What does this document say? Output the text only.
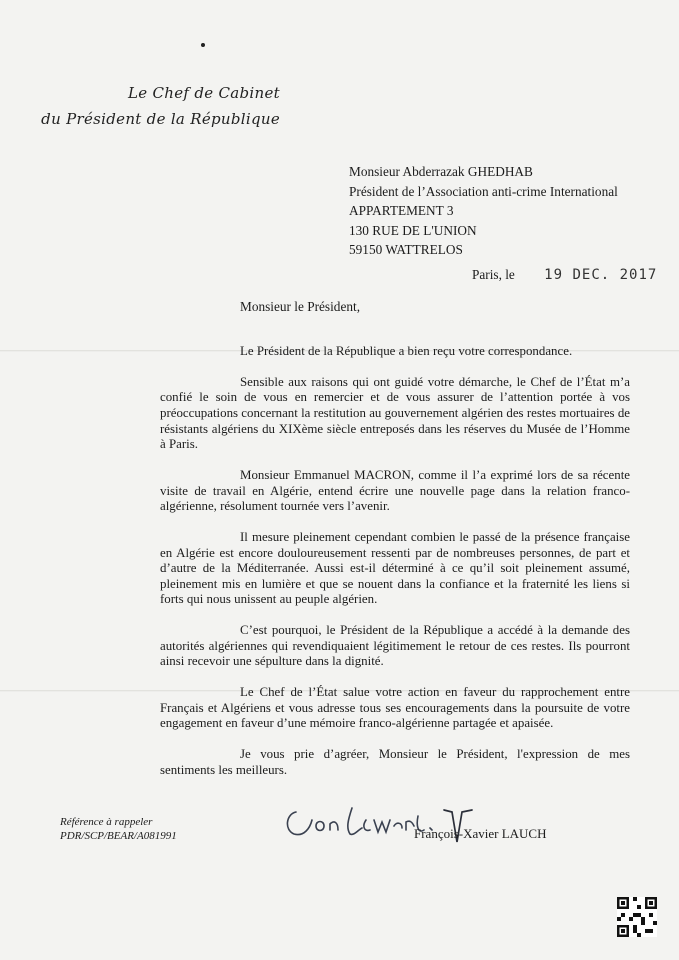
Le Chef de Cabinet
du Président de la République
Monsieur Abderrazak GHEDHAB
Président de l’Association anti-crime International
APPARTEMENT 3
130 RUE DE L'UNION
59150 WATTRELOS
Paris, le 19 DEC. 2017
Monsieur le Président,

Le Président de la République a bien reçu votre correspondance.

Sensible aux raisons qui ont guidé votre démarche, le Chef de l’État m’a confié le soin de vous en remercier et de vous assurer de l’attention portée à vos préoccupations concernant la restitution au gouvernement algérien des restes mortuaires de résistants algériens du XIXème siècle entreposés dans les réserves du Musée de l’Homme à Paris.

Monsieur Emmanuel MACRON, comme il l’a exprimé lors de sa récente visite de travail en Algérie, entend écrire une nouvelle page dans la relation franco-algérienne, résolument tournée vers l’avenir.

Il mesure pleinement cependant combien le passé de la présence française en Algérie est encore douloureusement ressenti par de nombreuses personnes, de part et d’autre de la Méditerranée. Aussi est-il déterminé à ce qu’il soit pleinement assumé, pleinement mis en lumière et que se nouent dans la confiance et la fraternité les liens si forts qui nous unissent au peuple algérien.

C’est pourquoi, le Président de la République a accédé à la demande des autorités algériennes qui revendiquaient légitimement le retour de ces restes. Ils pourront ainsi recevoir une sépulture dans la dignité.

Le Chef de l’État salue votre action en faveur du rapprochement entre Français et Algériens et vous adresse tous ses encouragements dans la poursuite de votre engagement en faveur d’une mémoire franco-algérienne partagée et apaisée.

Je vous prie d’agréer, Monsieur le Président, l'expression de mes sentiments les meilleurs.

Référence à rappeler
PDR/SCP/BEAR/A081991	François-Xavier LAUCH
